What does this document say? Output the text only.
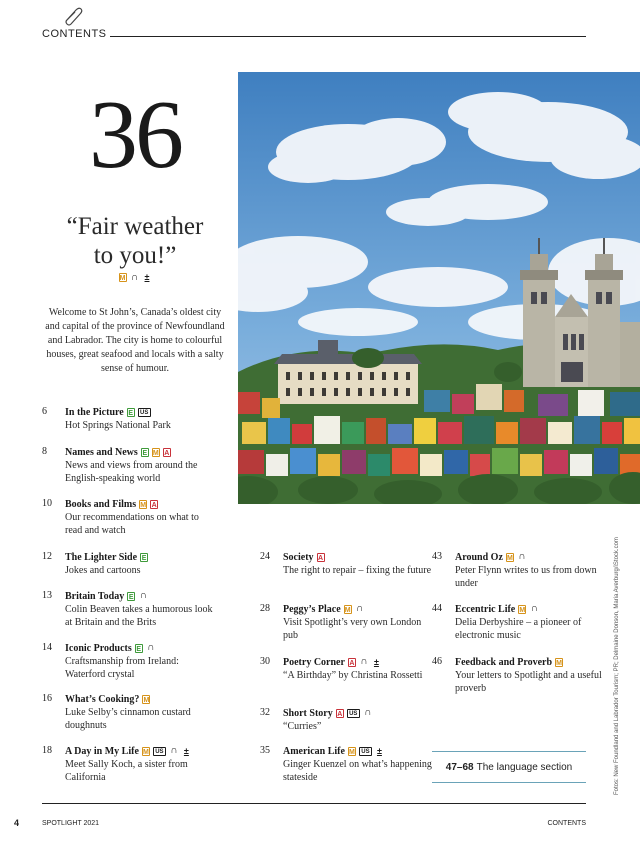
CONTENTS
36
“Fair weather
to you!”
M ∩ ±
Welcome to St John’s, Canada’s oldest city and capital of the province of Newfoundland and Labrador. The city is home to colourful houses, great seafood and locals with a salty sense of humour.
Fotos: New Foundland and Labrador Tourism; PR; Delmaine Donson, Maria Averburg/iStock.com
6	In the Picture E	US
Hot Springs National Park
8	Names and News E M A
News and views from around the English-speaking world
10	Books and Films M A
Our recommendations on what to read and watch
12	The Lighter Side E
Jokes and cartoons
13	Britain Today E ∩
Colin Beaven takes a humorous look at Britain and the Brits
14	Iconic Products E ∩
Craftsmanship from Ireland: Waterford crystal
16	What’s Cooking? M
Luke Selby’s cinnamon custard doughnuts
18	A Day in My Life M	US ∩ ±
Meet Sally Koch, a sister from California
24	Society A
The right to repair – fixing the future
28	Peggy’s Place M ∩
Visit Spotlight’s very own London pub
30	Poetry Corner A ∩ ±
“A Birthday” by Christina Rossetti
32	Short Story A	US ∩
“Curries”
35	American Life M	US ±
Ginger Kuenzel on what’s happening stateside
43	Around Oz M ∩
Peter Flynn writes to us from down under
44	Eccentric Life M ∩
Delia Derbyshire – a pioneer of electronic music
46	Feedback and Proverb M
Your letters to Spotlight and a useful proverb
47–68 The language section
4	SPOTLIGHT 2021	CONTENTS
